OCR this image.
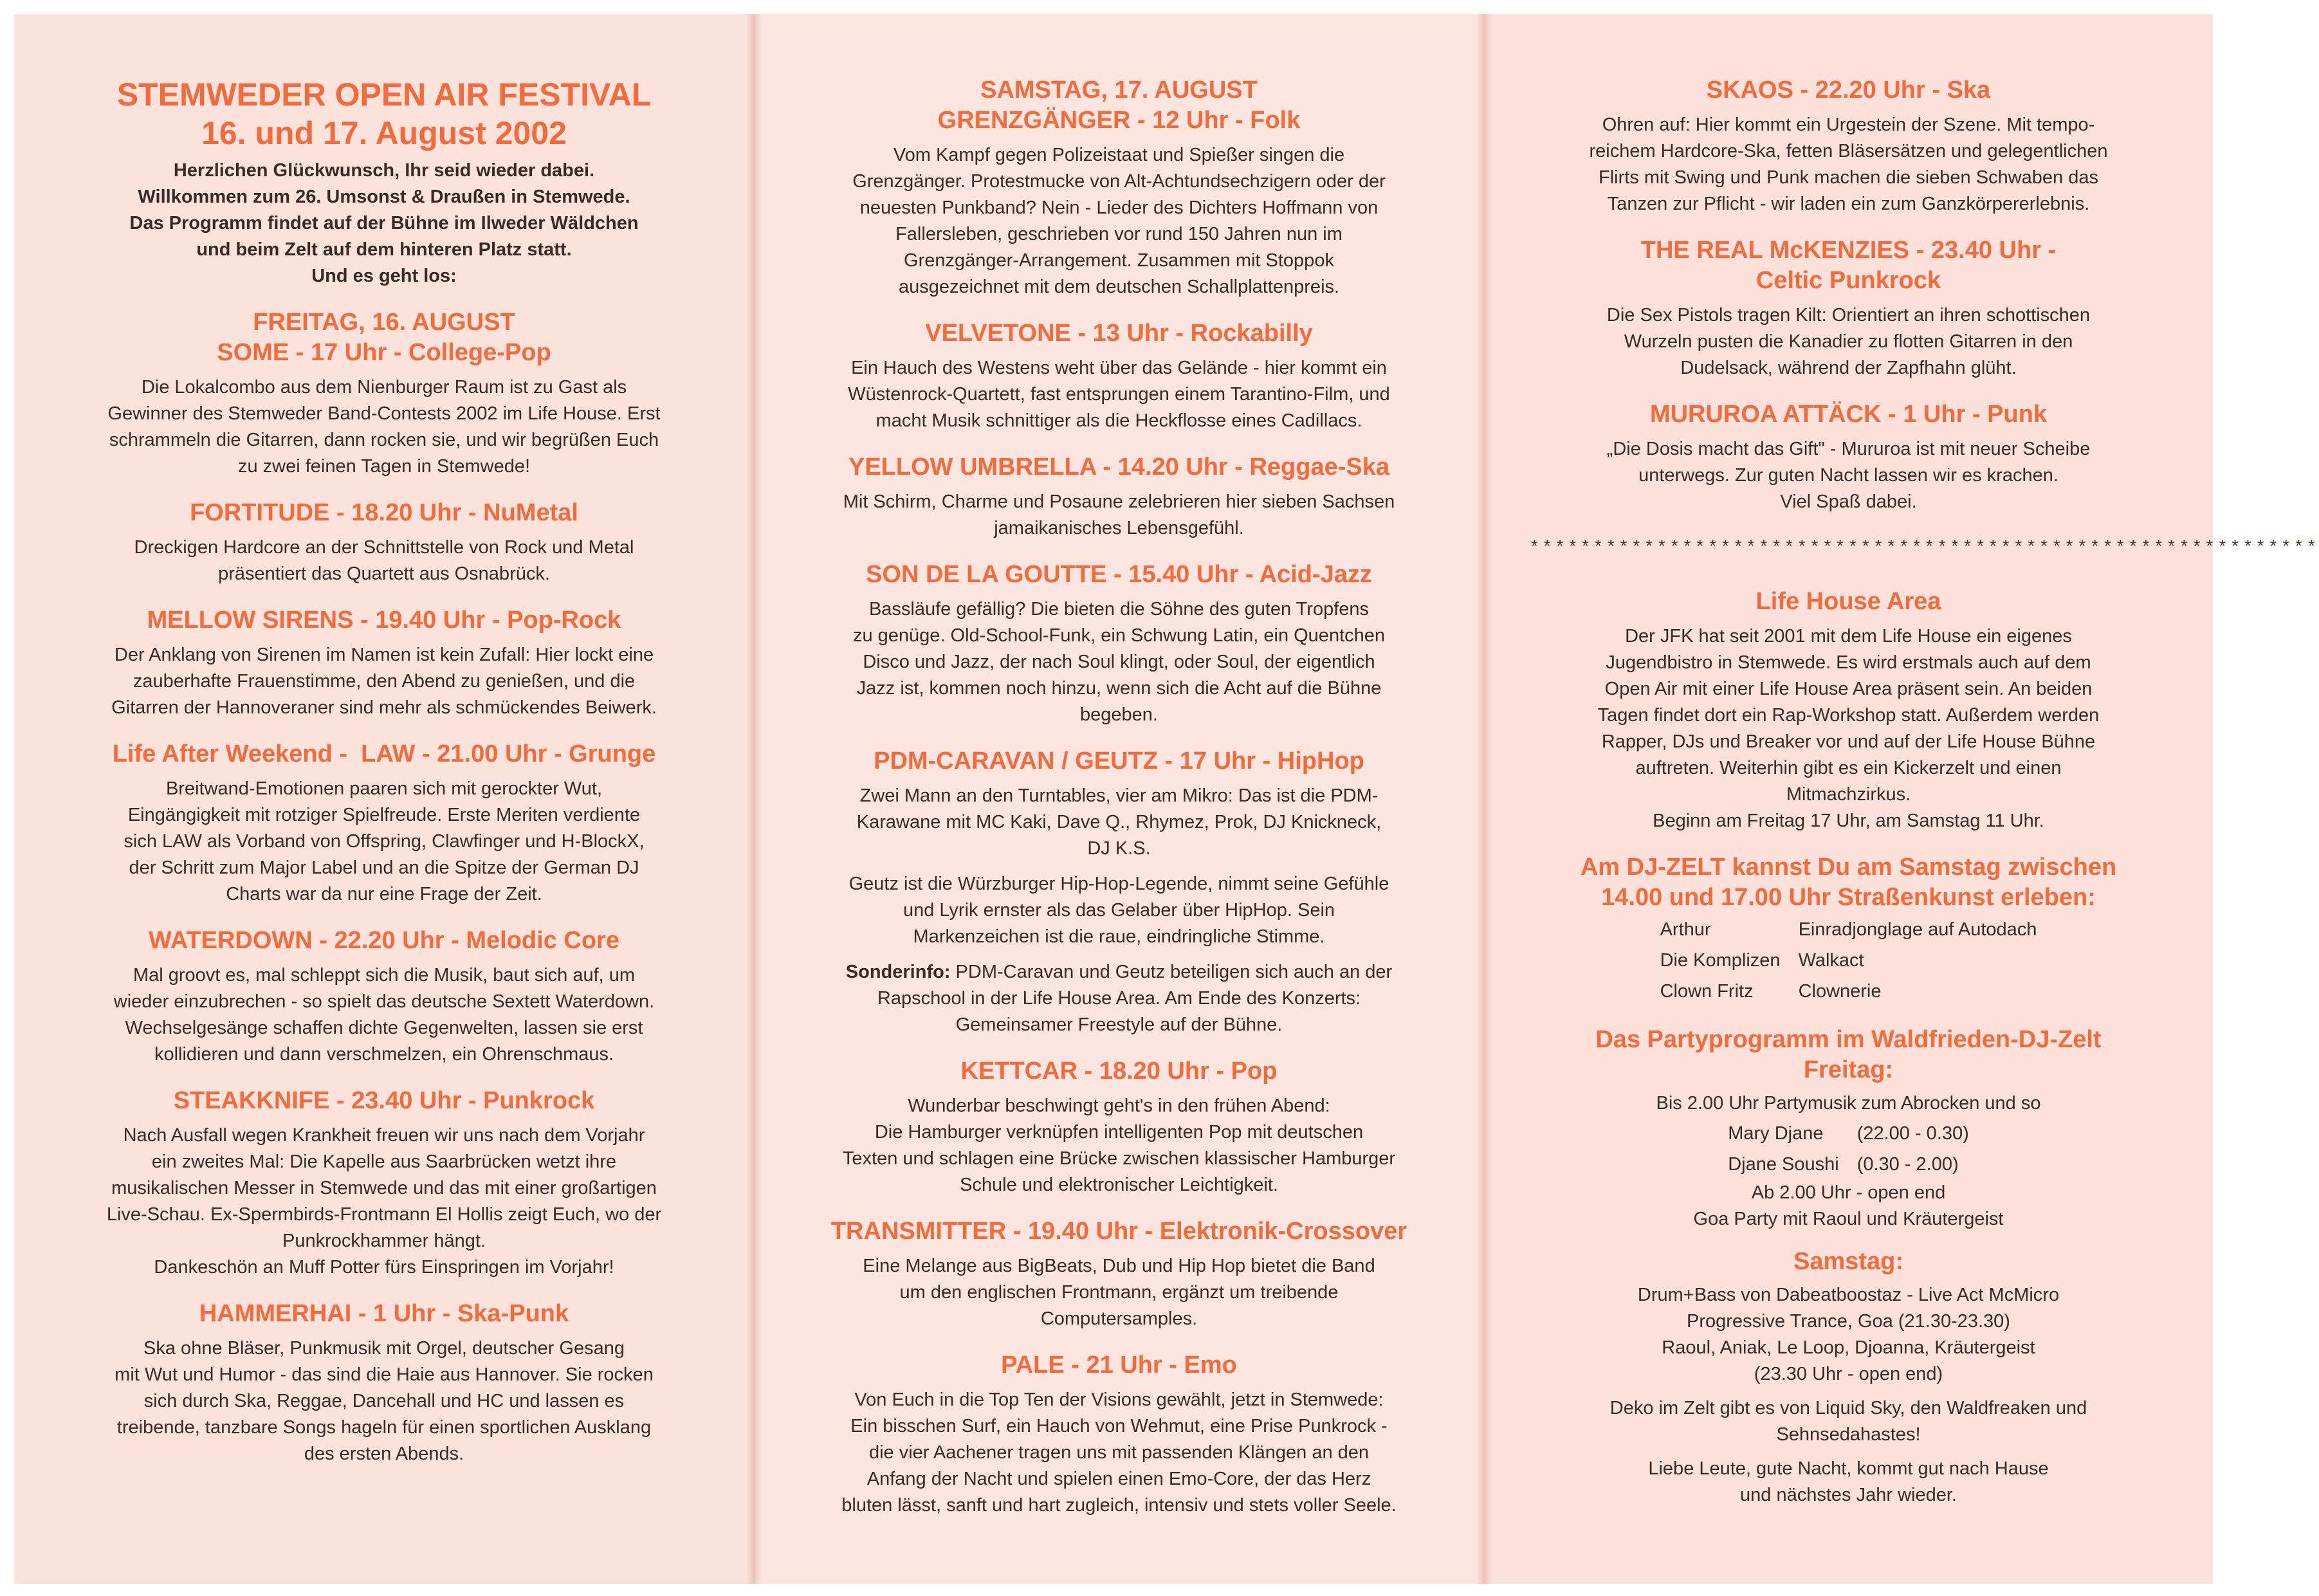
STEMWEDER OPEN AIR FESTIVAL

16. und 17. August 2002

Herzlichen Glückwunsch, Ihr seid wieder dabei.

Willkommen zum 26. Umsonst & Draußen in Stemwede.

Das Programm findet auf der Bühne im Ilweder Wäldchen

und beim Zelt auf dem hinteren Platz statt.

Und es geht los:

FREITAG, 16. AUGUST

SOME - 17 Uhr - College-Pop

Die Lokalcombo aus dem Nienburger Raum ist zu Gast als

Gewinner des Stemweder Band-Contests 2002 im Life House. Erst

schrammeln die Gitarren, dann rocken sie, und wir begrüßen Euch

zu zwei feinen Tagen in Stemwede!

FORTITUDE - 18.20 Uhr - NuMetal

Dreckigen Hardcore an der Schnittstelle von Rock und Metal

präsentiert das Quartett aus Osnabrück.

MELLOW SIRENS - 19.40 Uhr - Pop-Rock

Der Anklang von Sirenen im Namen ist kein Zufall: Hier lockt eine

zauberhafte Frauenstimme, den Abend zu genießen, und die

Gitarren der Hannoveraner sind mehr als schmückendes Beiwerk.

Life After Weekend -  LAW - 21.00 Uhr - Grunge

Breitwand-Emotionen paaren sich mit gerockter Wut,

Eingängigkeit mit rotziger Spielfreude. Erste Meriten verdiente

sich LAW als Vorband von Offspring, Clawfinger und H-BlockX,

der Schritt zum Major Label und an die Spitze der German DJ

Charts war da nur eine Frage der Zeit.

WATERDOWN - 22.20 Uhr - Melodic Core

Mal groovt es, mal schleppt sich die Musik, baut sich auf, um

wieder einzubrechen - so spielt das deutsche Sextett Waterdown.

Wechselgesänge schaffen dichte Gegenwelten, lassen sie erst

kollidieren und dann verschmelzen, ein Ohrenschmaus.

STEAKKNIFE - 23.40 Uhr - Punkrock

Nach Ausfall wegen Krankheit freuen wir uns nach dem Vorjahr

ein zweites Mal: Die Kapelle aus Saarbrücken wetzt ihre

musikalischen Messer in Stemwede und das mit einer großartigen

Live-Schau. Ex-Spermbirds-Frontmann El Hollis zeigt Euch, wo der

Punkrockhammer hängt.

Dankeschön an Muff Potter fürs Einspringen im Vorjahr!

HAMMERHAI - 1 Uhr - Ska-Punk

Ska ohne Bläser, Punkmusik mit Orgel, deutscher Gesang

mit Wut und Humor - das sind die Haie aus Hannover. Sie rocken

sich durch Ska, Reggae, Dancehall und HC und lassen es

treibende, tanzbare Songs hageln für einen sportlichen Ausklang

des ersten Abends.

SAMSTAG, 17. AUGUST

GRENZGÄNGER - 12 Uhr - Folk

Vom Kampf gegen Polizeistaat und Spießer singen die

Grenzgänger. Protestmucke von Alt-Achtundsechzigern oder der

neuesten Punkband? Nein - Lieder des Dichters Hoffmann von

Fallersleben, geschrieben vor rund 150 Jahren nun im

Grenzgänger-Arrangement. Zusammen mit Stoppok

ausgezeichnet mit dem deutschen Schallplattenpreis.

VELVETONE - 13 Uhr - Rockabilly

Ein Hauch des Westens weht über das Gelände - hier kommt ein

Wüstenrock-Quartett, fast entsprungen einem Tarantino-Film, und

macht Musik schnittiger als die Heckflosse eines Cadillacs.

YELLOW UMBRELLA - 14.20 Uhr - Reggae-Ska

Mit Schirm, Charme und Posaune zelebrieren hier sieben Sachsen

jamaikanisches Lebensgefühl.

SON DE LA GOUTTE - 15.40 Uhr - Acid-Jazz

Bassläufe gefällig? Die bieten die Söhne des guten Tropfens

zu genüge. Old-School-Funk, ein Schwung Latin, ein Quentchen

Disco und Jazz, der nach Soul klingt, oder Soul, der eigentlich

Jazz ist, kommen noch hinzu, wenn sich die Acht auf die Bühne

begeben.

PDM-CARAVAN / GEUTZ - 17 Uhr - HipHop

Zwei Mann an den Turntables, vier am Mikro: Das ist die PDM-

Karawane mit MC Kaki, Dave Q., Rhymez, Prok, DJ Knickneck,

DJ K.S.

Geutz ist die Würzburger Hip-Hop-Legende, nimmt seine Gefühle

und Lyrik ernster als das Gelaber über HipHop. Sein

Markenzeichen ist die raue, eindringliche Stimme.

Sonderinfo: PDM-Caravan und Geutz beteiligen sich auch an der

Rapschool in der Life House Area. Am Ende des Konzerts:

Gemeinsamer Freestyle auf der Bühne.

KETTCAR - 18.20 Uhr - Pop

Wunderbar beschwingt geht's in den frühen Abend:

Die Hamburger verknüpfen intelligenten Pop mit deutschen

Texten und schlagen eine Brücke zwischen klassischer Hamburger

Schule und elektronischer Leichtigkeit.

TRANSMITTER - 19.40 Uhr - Elektronik-Crossover

Eine Melange aus BigBeats, Dub und Hip Hop bietet die Band

um den englischen Frontmann, ergänzt um treibende

Computersamples.

PALE - 21 Uhr - Emo

Von Euch in die Top Ten der Visions gewählt, jetzt in Stemwede:

Ein bisschen Surf, ein Hauch von Wehmut, eine Prise Punkrock -

die vier Aachener tragen uns mit passenden Klängen an den

Anfang der Nacht und spielen einen Emo-Core, der das Herz

bluten lässt, sanft und hart zugleich, intensiv und stets voller Seele.

SKAOS - 22.20 Uhr - Ska

Ohren auf: Hier kommt ein Urgestein der Szene. Mit tempo-

reichem Hardcore-Ska, fetten Bläsersätzen und gelegentlichen

Flirts mit Swing und Punk machen die sieben Schwaben das

Tanzen zur Pflicht - wir laden ein zum Ganzkörpererlebnis.

THE REAL McKENZIES - 23.40 Uhr -

Celtic Punkrock

Die Sex Pistols tragen Kilt: Orientiert an ihren schottischen

Wurzeln pusten die Kanadier zu flotten Gitarren in den

Dudelsack, während der Zapfhahn glüht.

MURUROA ATTÄCK - 1 Uhr - Punk

„Die Dosis macht das Gift" - Mururoa ist mit neuer Scheibe

unterwegs. Zur guten Nacht lassen wir es krachen.

Viel Spaß dabei.

**************************************************************

Life House Area

Der JFK hat seit 2001 mit dem Life House ein eigenes

Jugendbistro in Stemwede. Es wird erstmals auch auf dem

Open Air mit einer Life House Area präsent sein. An beiden

Tagen findet dort ein Rap-Workshop statt. Außerdem werden

Rapper, DJs und Breaker vor und auf der Life House Bühne

auftreten. Weiterhin gibt es ein Kickerzelt und einen

Mitmachzirkus.

Beginn am Freitag 17 Uhr, am Samstag 11 Uhr.

Am DJ-ZELT kannst Du am Samstag zwischen

14.00 und 17.00 Uhr Straßenkunst erleben:

Arthur	Einradjonglage auf Autodach
Die Komplizen	Walkact
Clown Fritz	Clownerie

Das Partyprogramm im Waldfrieden-DJ-Zelt

Freitag:

Bis 2.00 Uhr Partymusik zum Abrocken und so

Mary Djane	(22.00 - 0.30)
Djane Soushi	(0.30 - 2.00)

Ab 2.00 Uhr - open end

Goa Party mit Raoul und Kräutergeist

Samstag:

Drum+Bass von Dabeatboostaz - Live Act McMicro

Progressive Trance, Goa (21.30-23.30)

Raoul, Aniak, Le Loop, Djoanna, Kräutergeist

(23.30 Uhr - open end)

Deko im Zelt gibt es von Liquid Sky, den Waldfreaken und

Sehnsedahastes!

Liebe Leute, gute Nacht, kommt gut nach Hause

und nächstes Jahr wieder.
